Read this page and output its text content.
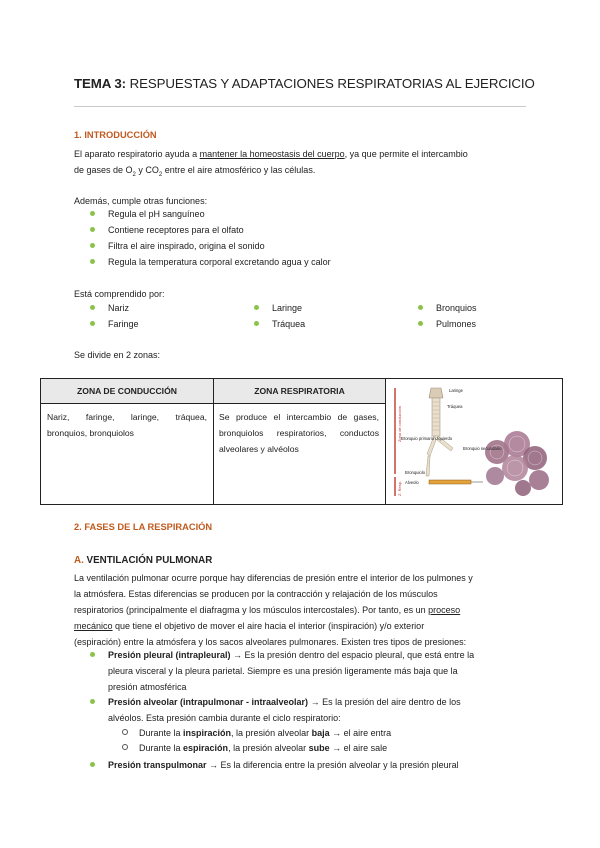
TEMA 3: RESPUESTAS Y ADAPTACIONES RESPIRATORIAS AL EJERCICIO
1. INTRODUCCIÓN
El aparato respiratorio ayuda a mantener la homeostasis del cuerpo, ya que permite el intercambio
de gases de $O_2$ y $CO_2$ entre el aire atmosférico y las células.
Además, cumple otras funciones:
Regula el pH sanguíneo
Contiene receptores para el olfato
Filtra el aire inspirado, origina el sonido
Regula la temperatura corporal excretando agua y calor
Está comprendido por:
Nariz
Faringe
Laringe
Tráquea
Bronquios
Pulmones
Se divide en 2 zonas:
ZONA DE CONDUCCIÓN	ZONA RESPIRATORIA
Nariz, faringe, laringe, tráquea, bronquios, bronquiolos
Se produce el intercambio de gases, bronquiolos respiratorios, conductos alveolares y alvéolos
Zona de conducción
Z. Resp.
Laringe
Tráquea
Bronquio primario izquierdo
Bronquio secundario
Bronquiolo
Alveolo
2. FASES DE LA RESPIRACIÓN
A. VENTILACIÓN PULMONAR
La ventilación pulmonar ocurre porque hay diferencias de presión entre el interior de los pulmones y
la atmósfera. Estas diferencias se producen por la contracción y relajación de los músculos
respiratorios (principalmente el diafragma y los músculos intercostales). Por tanto, es un proceso
mecánico que tiene el objetivo de mover el aire hacia el interior (inspiración) y/o exterior
(espiración) entre la atmósfera y los sacos alveolares pulmonares. Existen tres tipos de presiones:
Presión pleural (intrapleural) → Es la presión dentro del espacio pleural, que está entre la
pleura visceral y la pleura parietal. Siempre es una presión ligeramente más baja que la
presión atmosférica
Presión alveolar (intrapulmonar - intraalveolar) → Es la presión del aire dentro de los
alvéolos. Esta presión cambia durante el ciclo respiratorio:
Durante la inspiración, la presión alveolar baja → el aire entra
Durante la espiración, la presión alveolar sube → el aire sale
Presión transpulmonar → Es la diferencia entre la presión alveolar y la presión pleural
